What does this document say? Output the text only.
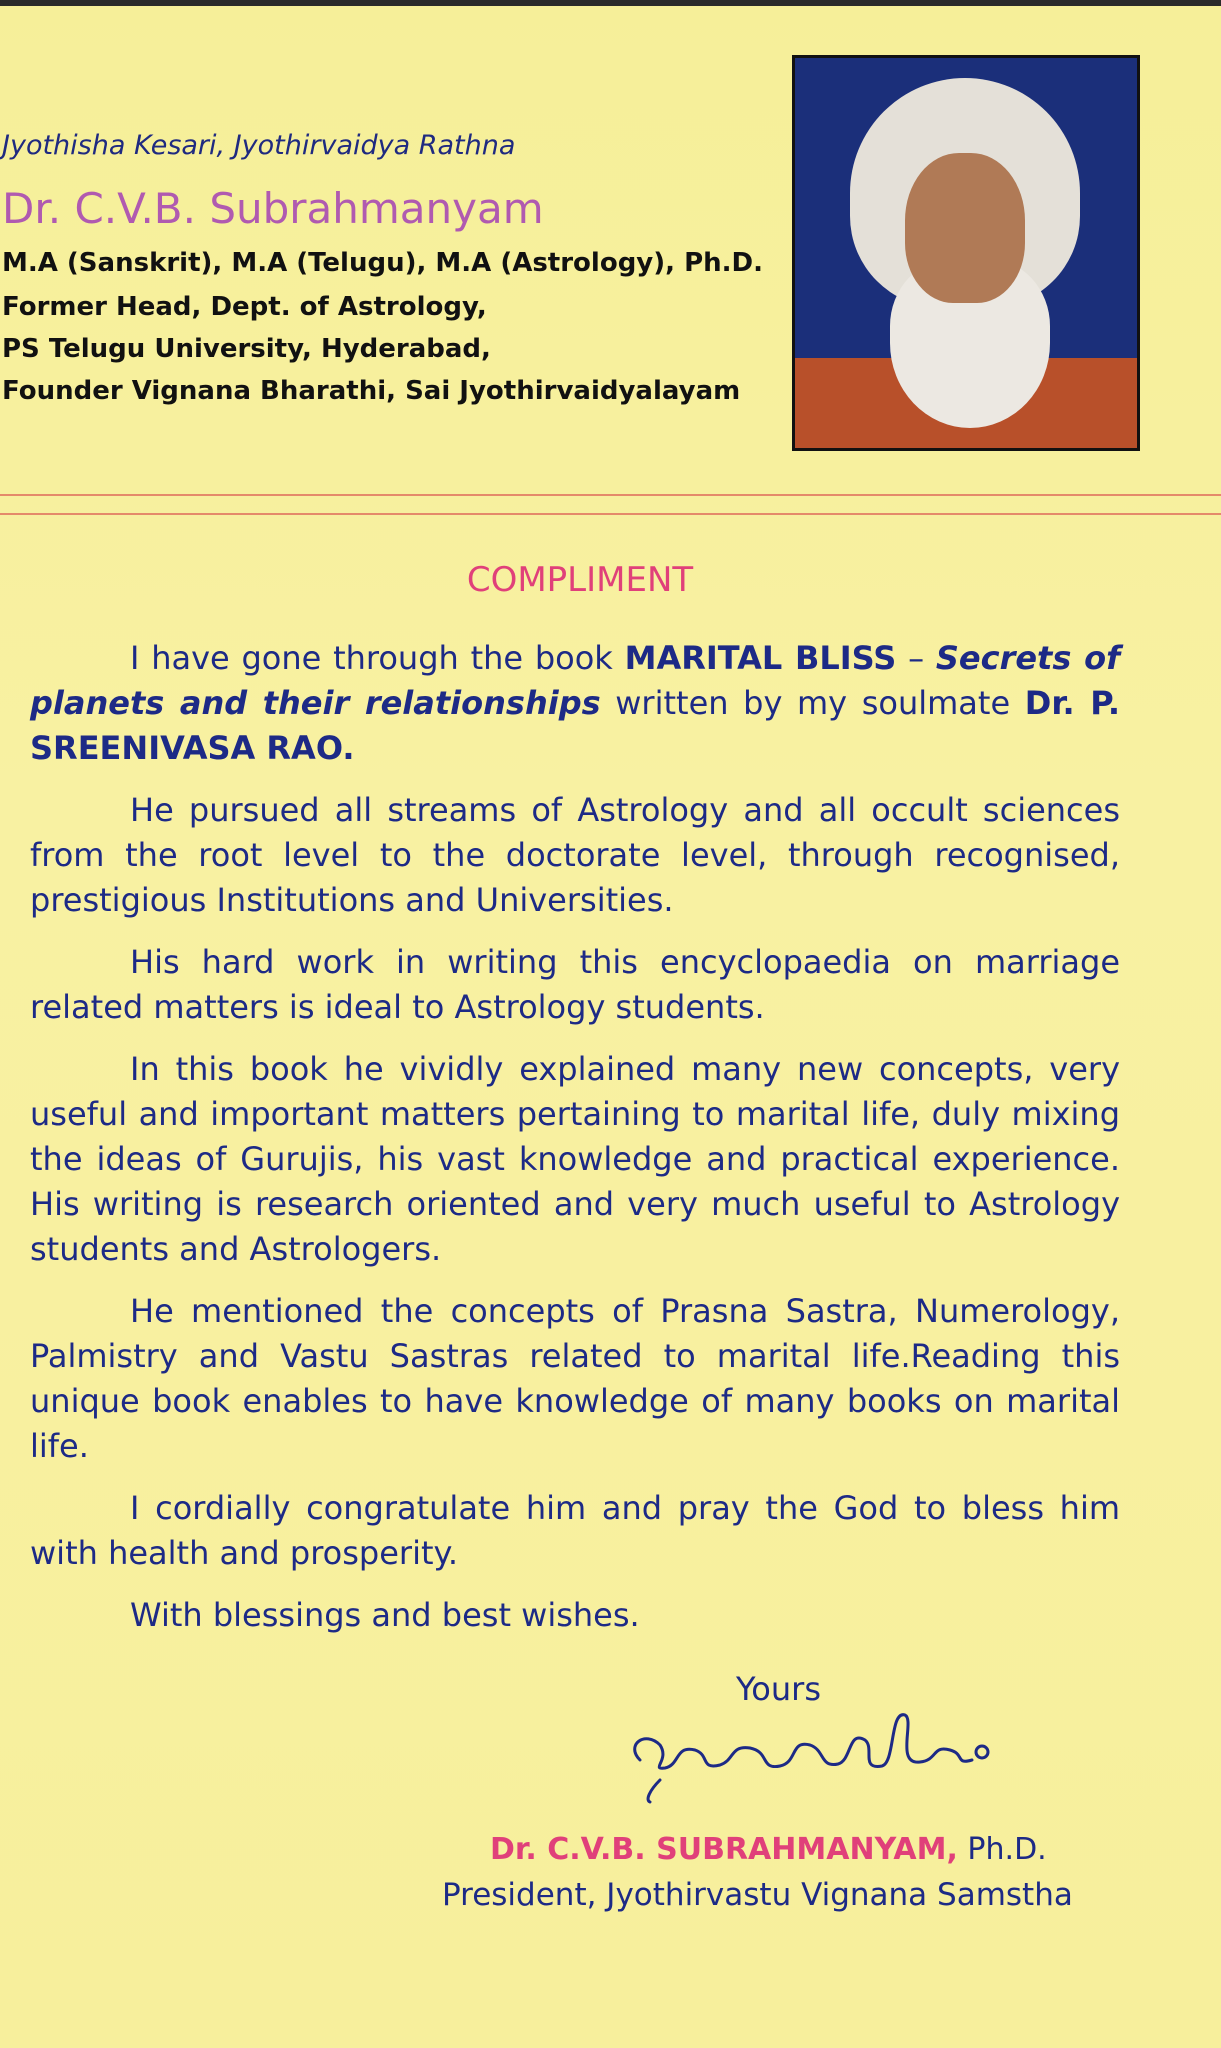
Jyothisha Kesari, Jyothirvaidya Rathna
Dr. C.V.B. Subrahmanyam
M.A (Sanskrit), M.A (Telugu), M.A (Astrology), Ph.D.
Former Head, Dept. of Astrology,
PS Telugu University, Hyderabad,
Founder Vignana Bharathi, Sai Jyothirvaidyalayam
COMPLIMENT

I have gone through the book MARITAL BLISS – Secrets of planets and their relationships written by my soulmate Dr. P. SREENIVASA RAO.

He pursued all streams of Astrology and all occult sciences from the root level to the doctorate level, through recognised, prestigious Institutions and Universities.

His hard work in writing this encyclopaedia on marriage related matters is ideal to Astrology students.

In this book he vividly explained many new concepts, very useful and important matters pertaining to marital life, duly mixing the ideas of Gurujis, his vast knowledge and practical experience. His writing is research oriented and very much useful to Astrology students and Astrologers.

He mentioned the concepts of Prasna Sastra, Numerology, Palmistry and Vastu Sastras related to marital life.Reading this unique book enables to have knowledge of many books on marital life.

I cordially congratulate him and pray the God to bless him with health and prosperity.

With blessings and best wishes.

Yours
Dr. C.V.B. SUBRAHMANYAM, Ph.D.
President, Jyothirvastu Vignana Samstha
